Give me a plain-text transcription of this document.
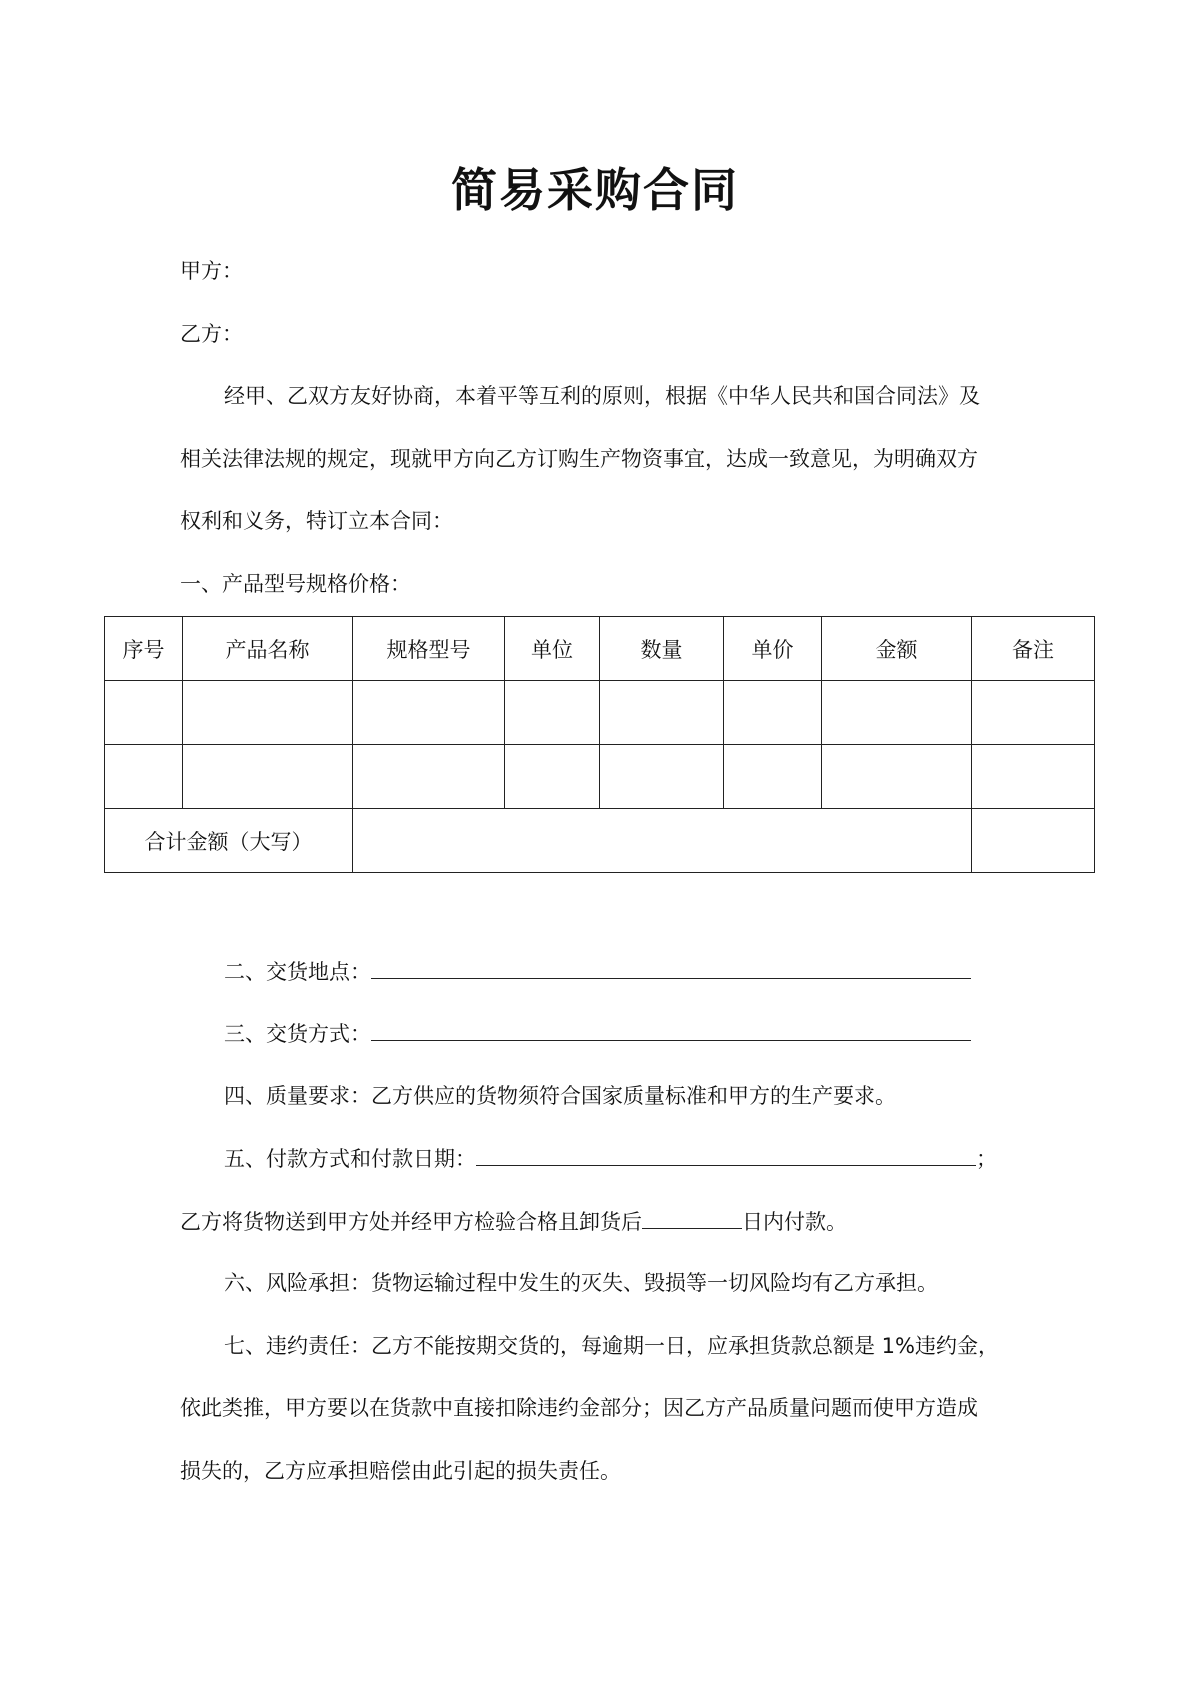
简易采购合同
甲方：
乙方：
经甲、乙双方友好协商，本着平等互利的原则，根据《中华人民共和国合同法》及
相关法律法规的规定，现就甲方向乙方订购生产物资事宜，达成一致意见，为明确双方
权利和义务，特订立本合同：
一、产品型号规格价格：
序号	产品名称	规格型号	单位	数量	单价	金额	备注

合计金额（大写）							
二、交货地点：
三、交货方式：
四、质量要求：乙方供应的货物须符合国家质量标准和甲方的生产要求。
五、付款方式和付款日期：	；
乙方将货物送到甲方处并经甲方检验合格且卸货后	日内付款。
六、风险承担：货物运输过程中发生的灭失、毁损等一切风险均有乙方承担。
七、违约责任：乙方不能按期交货的，每逾期一日，应承担货款总额是 1%违约金，
依此类推，甲方要以在货款中直接扣除违约金部分；因乙方产品质量问题而使甲方造成
损失的，乙方应承担赔偿由此引起的损失责任。
